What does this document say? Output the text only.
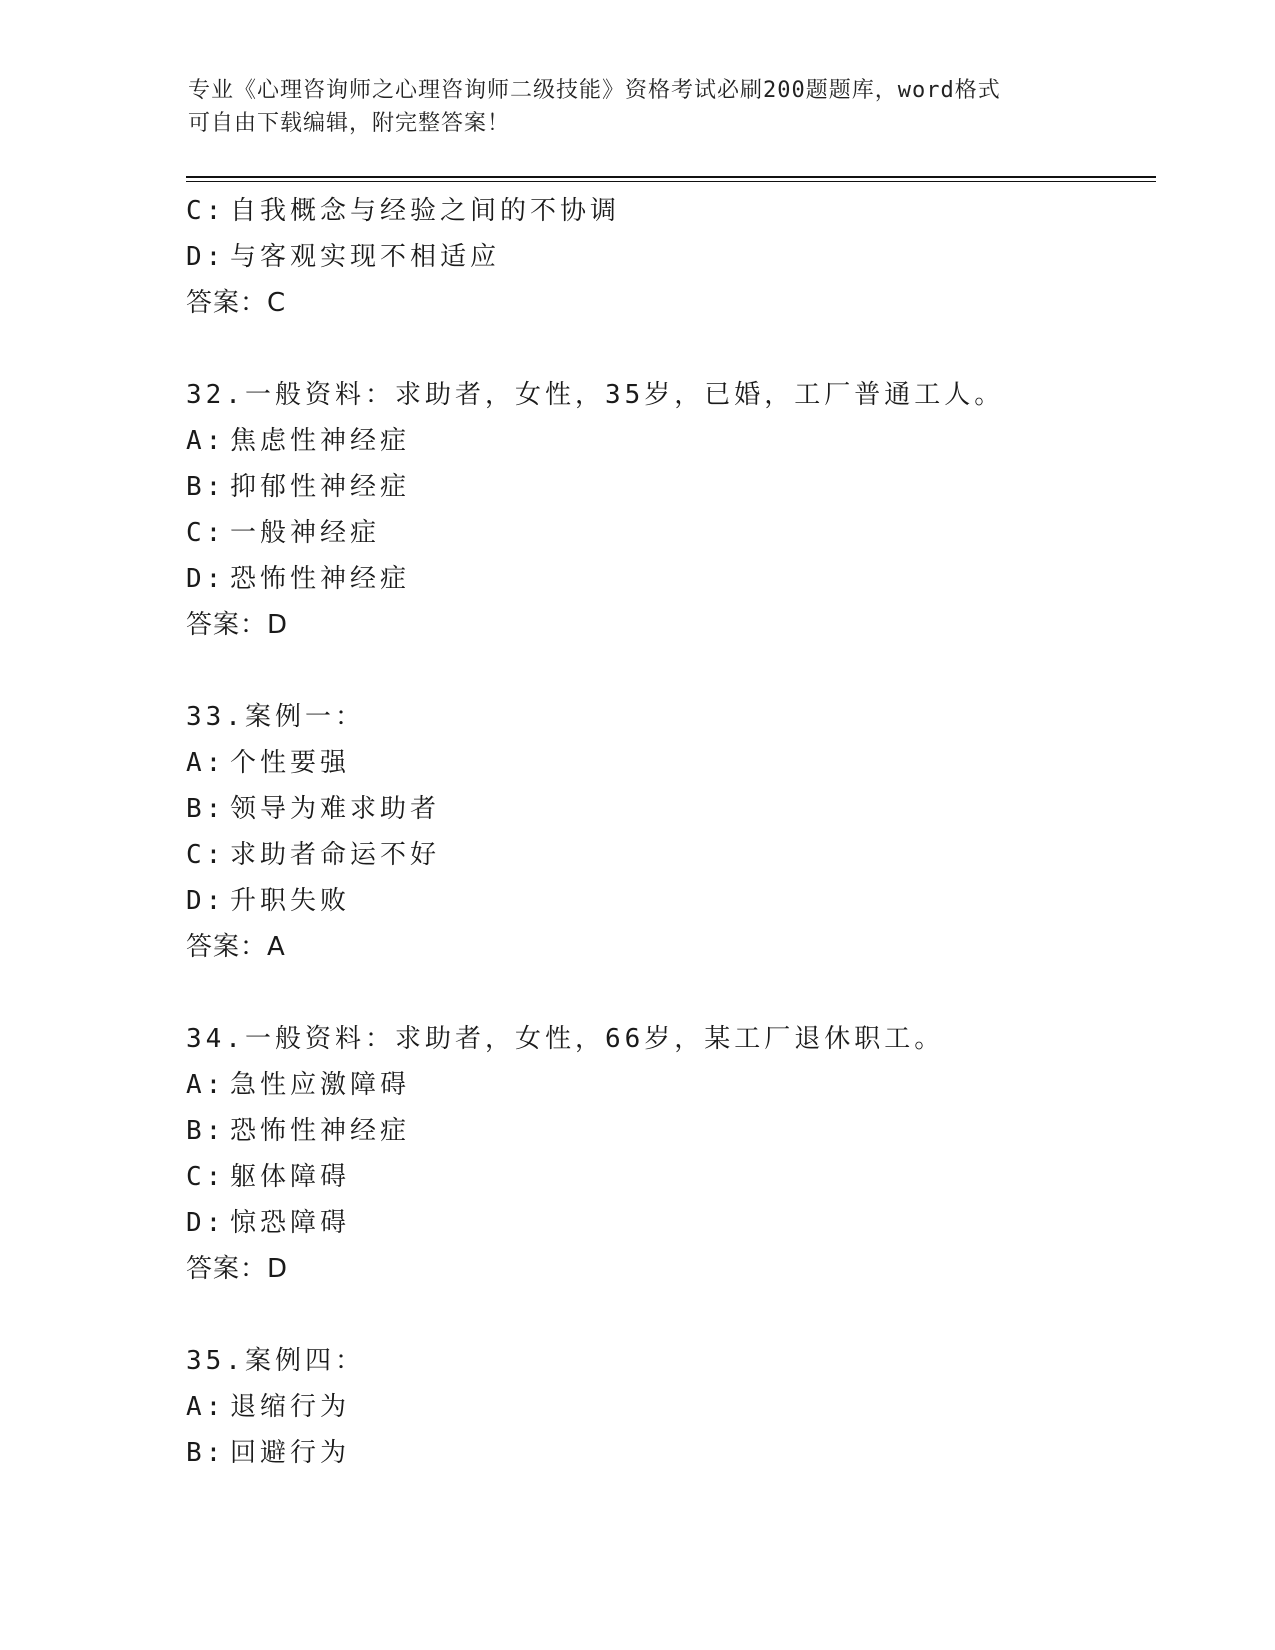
专业《心理咨询师之心理咨询师二级技能》资格考试必刷200题题库，word格式
可自由下载编辑，附完整答案！
C: 自我概念与经验之间的不协调
D: 与客观实现不相适应
答案：C
32.一般资料：求助者，女性，35岁，已婚，工厂普通工人。
A: 焦虑性神经症
B: 抑郁性神经症
C: 一般神经症
D: 恐怖性神经症
答案：D
33.案例一：
A: 个性要强
B: 领导为难求助者
C: 求助者命运不好
D: 升职失败
答案：A
34.一般资料：求助者，女性，66岁，某工厂退休职工。
A: 急性应激障碍
B: 恐怖性神经症
C: 躯体障碍
D: 惊恐障碍
答案：D
35.案例四：
A: 退缩行为
B: 回避行为
